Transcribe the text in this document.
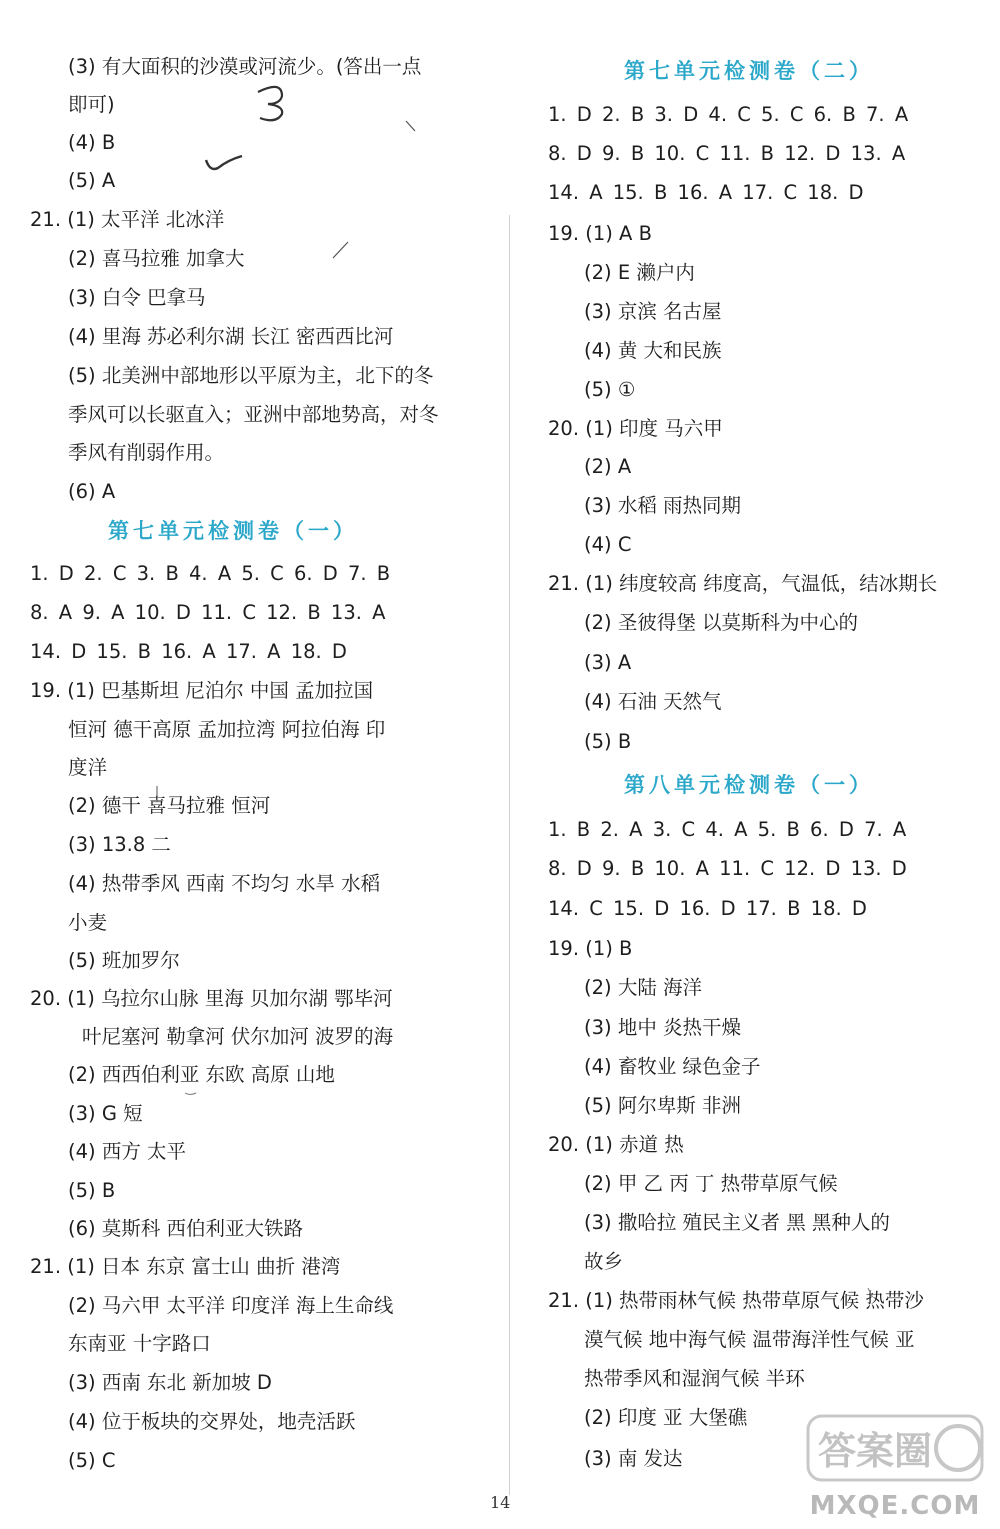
(3) 有大面积的沙漠或河流少。(答出一点
即可)
(4) B
(5) A
21. (1) 太平洋 北冰洋
(2) 喜马拉雅 加拿大
(3) 白令 巴拿马
(4) 里海 苏必利尔湖 长江 密西西比河
(5) 北美洲中部地形以平原为主，北下的冬
季风可以长驱直入；亚洲中部地势高，对冬
季风有削弱作用。
(6) A
第七单元检测卷（一）
1. D 2. C 3. B 4. A 5. C 6. D 7. B
8. A 9. A 10. D 11. C 12. B 13. A
14. D 15. B 16. A 17. A 18. D
19. (1) 巴基斯坦 尼泊尔 中国 孟加拉国
恒河 德干高原 孟加拉湾 阿拉伯海 印
度洋
(2) 德干 喜马拉雅 恒河
(3) 13.8 二
(4) 热带季风 西南 不均匀 水旱 水稻
小麦
(5) 班加罗尔
20. (1) 乌拉尔山脉 里海 贝加尔湖 鄂毕河
叶尼塞河 勒拿河 伏尔加河 波罗的海
(2) 西西伯利亚 东欧 高原 山地
(3) G 短
(4) 西方 太平
(5) B
(6) 莫斯科 西伯利亚大铁路
21. (1) 日本 东京 富士山 曲折 港湾
(2) 马六甲 太平洋 印度洋 海上生命线
东南亚 十字路口
(3) 西南 东北 新加坡 D
(4) 位于板块的交界处，地壳活跃
(5) C
第七单元检测卷（二）
1. D 2. B 3. D 4. C 5. C 6. B 7. A
8. D 9. B 10. C 11. B 12. D 13. A
14. A 15. B 16. A 17. C 18. D
19. (1) A B
(2) E 濑户内
(3) 京滨 名古屋
(4) 黄 大和民族
(5) ①
20. (1) 印度 马六甲
(2) A
(3) 水稻 雨热同期
(4) C
21. (1) 纬度较高 纬度高，气温低，结冰期长
(2) 圣彼得堡 以莫斯科为中心的
(3) A
(4) 石油 天然气
(5) B
第八单元检测卷（一）
1. B 2. A 3. C 4. A 5. B 6. D 7. A
8. D 9. B 10. A 11. C 12. D 13. D
14. C 15. D 16. D 17. B 18. D
19. (1) B
(2) 大陆 海洋
(3) 地中 炎热干燥
(4) 畜牧业 绿色金子
(5) 阿尔卑斯 非洲
20. (1) 赤道 热
(2) 甲 乙 丙 丁 热带草原气候
(3) 撒哈拉 殖民主义者 黑 黑种人的
故乡
21. (1) 热带雨林气候 热带草原气候 热带沙
漠气候 地中海气候 温带海洋性气候 亚
热带季风和湿润气候 半环
(2) 印度 亚 大堡礁
(3) 南 发达
14
答案圈
MXQE.COM
